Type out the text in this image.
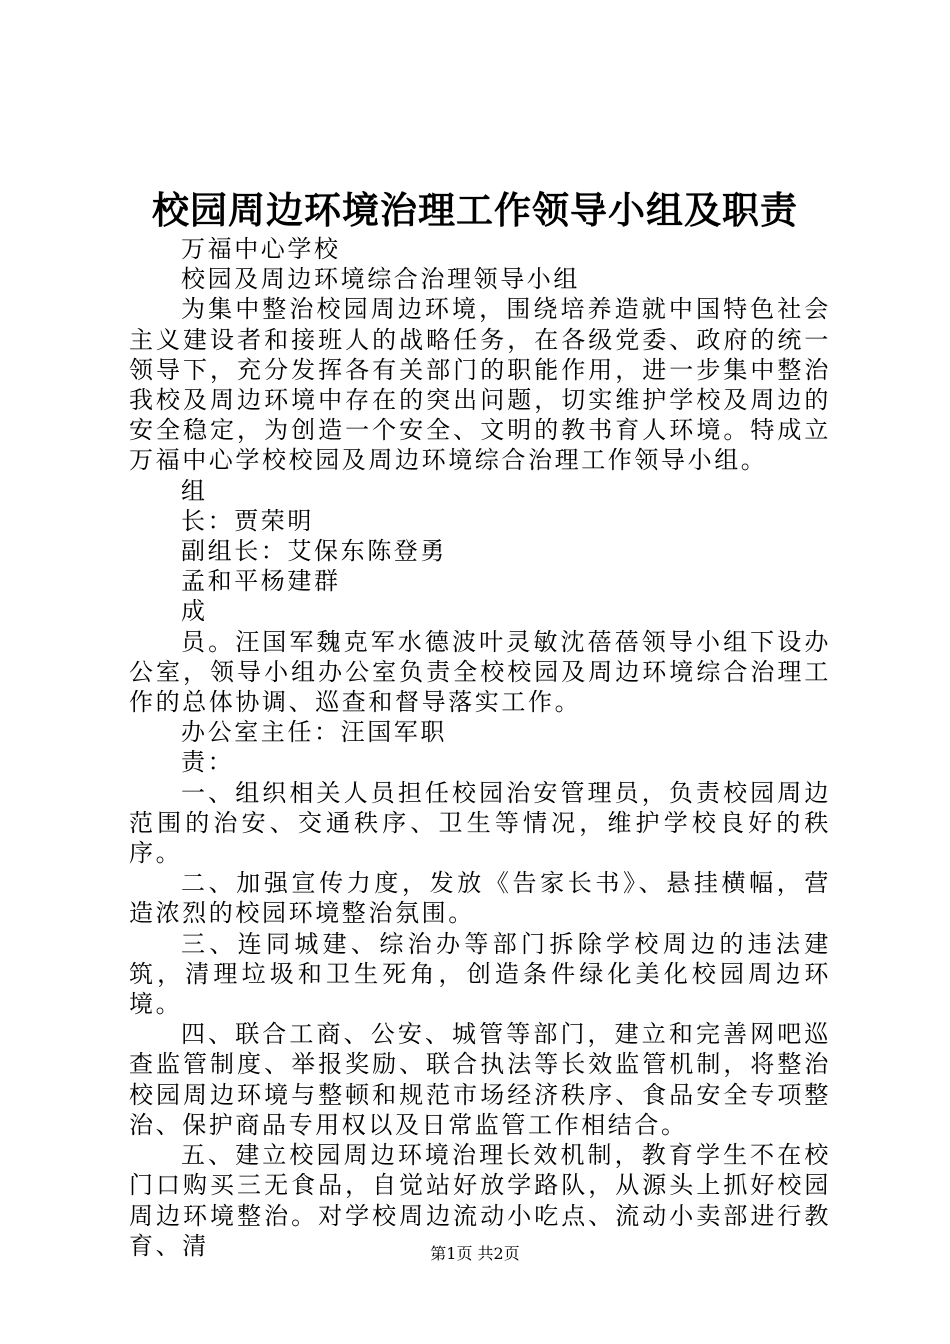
校园周边环境治理工作领导小组及职责

万福中心学校

校园及周边环境综合治理领导小组

为集中整治校园周边环境，围绕培养造就中国特色社会主义建设者和接班人的战略任务，在各级党委、政府的统一领导下，充分发挥各有关部门的职能作用，进一步集中整治我校及周边环境中存在的突出问题，切实维护学校及周边的安全稳定，为创造一个安全、文明的教书育人环境。特成立万福中心学校校园及周边环境综合治理工作领导小组。

组

长：贾荣明

副组长：艾保东陈登勇

孟和平杨建群

成

员。汪国军魏克军水德波叶灵敏沈蓓蓓领导小组下设办公室，领导小组办公室负责全校校园及周边环境综合治理工作的总体协调、巡查和督导落实工作。

办公室主任：汪国军职

责：

一、组织相关人员担任校园治安管理员，负责校园周边范围的治安、交通秩序、卫生等情况，维护学校良好的秩序。

二、加强宣传力度，发放《告家长书》、悬挂横幅，营造浓烈的校园环境整治氛围。

三、连同城建、综治办等部门拆除学校周边的违法建筑，清理垃圾和卫生死角，创造条件绿化美化校园周边环境。

四、联合工商、公安、城管等部门，建立和完善网吧巡查监管制度、举报奖励、联合执法等长效监管机制，将整治校园周边环境与整顿和规范市场经济秩序、食品安全专项整治、保护商品专用权以及日常监管工作相结合。

五、建立校园周边环境治理长效机制，教育学生不在校门口购买三无食品，自觉站好放学路队，从源头上抓好校园周边环境整治。对学校周边流动小吃点、流动小卖部进行教育、清	第1页 共2页
